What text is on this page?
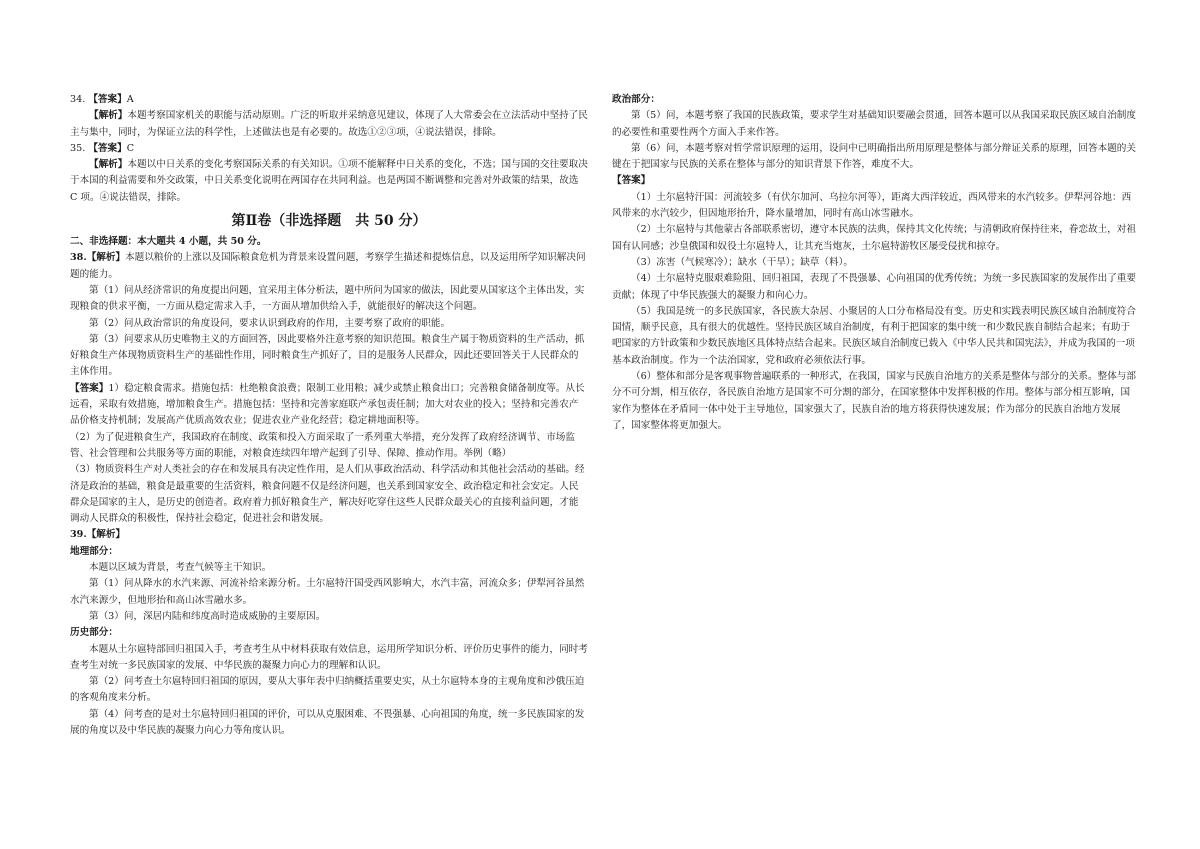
34. 【答案】A

【解析】本题考察国家机关的职能与活动原则。广泛的听取并采纳意见建议，体现了人大常委会在立法活动中坚持了民主与集中，同时，为保证立法的科学性，上述做法也是有必要的。故选①②③项，④说法错误，排除。

35. 【答案】C

【解析】本题以中日关系的变化考察国际关系的有关知识。①项不能解释中日关系的变化，不选；国与国的交往要取决于本国的利益需要和外交政策，中日关系变化说明在两国存在共同利益。也是两国不断调整和完善对外政策的结果，故选 C 项。④说法错误，排除。

第Ⅱ卷（非选择题　共 50 分）

二、非选择题：本大题共 4 小题，共 50 分。

38.【解析】本题以粮价的上涨以及国际粮食危机为背景来设置问题，考察学生描述和提炼信息，以及运用所学知识解决问题的能力。

第（1）问从经济常识的角度提出问题，宜采用主体分析法，题中所问为国家的做法，因此要从国家这个主体出发，实现粮食的供求平衡，一方面从稳定需求入手，一方面从增加供给入手，就能很好的解决这个问题。

第（2）问从政治常识的角度设问，要求认识到政府的作用，主要考察了政府的职能。

第（3）问要求从历史唯物主义的方面回答，因此要格外注意考察的知识范围。粮食生产属于物质资料的生产活动，抓好粮食生产体现物质资料生产的基础性作用，同时粮食生产抓好了，目的是服务人民群众，因此还要回答关于人民群众的主体作用。

【答案】1）稳定粮食需求。措施包括：杜绝粮食浪费；限制工业用粮；减少或禁止粮食出口；完善粮食储备制度等。从长远看，采取有效措施，增加粮食生产。措施包括：坚持和完善家庭联产承包责任制；加大对农业的投入；坚持和完善农产品价格支持机制；发展高产优质高效农业；促进农业产业化经营；稳定耕地面积等。

（2）为了促进粮食生产，我国政府在制度、政策和投入方面采取了一系列重大举措，充分发挥了政府经济调节、市场监管、社会管理和公共服务等方面的职能，对粮食连续四年增产起到了引导、保障、推动作用。举例（略）

（3）物质资料生产对人类社会的存在和发展具有决定性作用，是人们从事政治活动、科学活动和其他社会活动的基础。经济是政治的基础，粮食是最重要的生活资料，粮食问题不仅是经济问题，也关系到国家安全、政治稳定和社会安定。人民群众是国家的主人，是历史的创造者。政府着力抓好粮食生产，解决好吃穿住这些人民群众最关心的直接利益问题，才能调动人民群众的积极性，保持社会稳定，促进社会和谐发展。

39.【解析】

地理部分：

本题以区域为背景，考查气候等主干知识。

第（1）问从降水的水汽来源、河流补给来源分析。土尔扈特汗国受西风影响大，水汽丰富，河流众多；伊犁河谷虽然水汽来源少，但地形抬和高山冰雪融水多。

第（3）问，深居内陆和纬度高时造成威胁的主要原因。

历史部分：

本题从土尔扈特部回归祖国入手，考查考生从中材料获取有效信息，运用所学知识分析、评价历史事件的能力，同时考查考生对统一多民族国家的发展、中华民族的凝聚力向心力的理解和认识。

第（2）问考查土尔扈特回归祖国的原因，要从大事年表中归纳概括重要史实，从土尔扈特本身的主观角度和沙俄压迫的客观角度来分析。

第（4）问考查的是对土尔扈特回归祖国的评价，可以从克服困难、不畏强暴、心向祖国的角度，统一多民族国家的发展的角度以及中华民族的凝聚力向心力等角度认识。

政治部分：

第（5）问，本题考察了我国的民族政策，要求学生对基础知识要融会贯通，回答本题可以从我国采取民族区域自治制度的必要性和重要性两个方面入手来作答。

第（6）问，本题考察对哲学常识原理的运用，设问中已明确指出所用原理是整体与部分辩证关系的原理，回答本题的关键在于把国家与民族的关系在整体与部分的知识背景下作答，难度不大。

【答案】

（1）土尔扈特汗国：河流较多（有伏尔加河、乌拉尔河等），距离大西洋较近，西风带来的水汽较多。伊犁河谷地：西风带来的水汽较少，但因地形抬升，降水量增加，同时有高山冰雪融水。

（2）土尔扈特与其他蒙古各部联系密切，遵守本民族的法典，保持其文化传统；与清朝政府保持往来，眷恋故土，对祖国有认同感；沙皇俄国和奴役土尔扈特人，让其充当炮灰，土尔扈特游牧区屡受侵扰和掠夺。

（3）冻害（气候寒冷）；缺水（干旱）；缺草（料）。

（4）土尔扈特克服艰难险阻、回归祖国，表现了不畏强暴、心向祖国的优秀传统；为统一多民族国家的发展作出了重要贡献；体现了中华民族强大的凝聚力和向心力。

（5）我国是统一的多民族国家，各民族大杂居、小聚居的人口分布格局没有变。历史和实践表明民族区域自治制度符合国情，顺乎民意，具有很大的优越性。坚持民族区域自治制度，有利于把国家的集中统一和少数民族自制结合起来；有助于吧国家的方针政策和少数民族地区具体特点结合起来。民族区域自治制度已载入《中华人民共和国宪法》，并成为我国的一项基本政治制度。作为一个法治国家，党和政府必须依法行事。

（6）整体和部分是客观事物普遍联系的一种形式，在我国，国家与民族自治地方的关系是整体与部分的关系。整体与部分不可分割，相互依存，各民族自治地方是国家不可分割的部分，在国家整体中发挥积极的作用。整体与部分相互影响，国家作为整体在矛盾同一体中处于主导地位，国家强大了，民族自治的地方将获得快速发展；作为部分的民族自治地方发展了，国家整体将更加强大。
